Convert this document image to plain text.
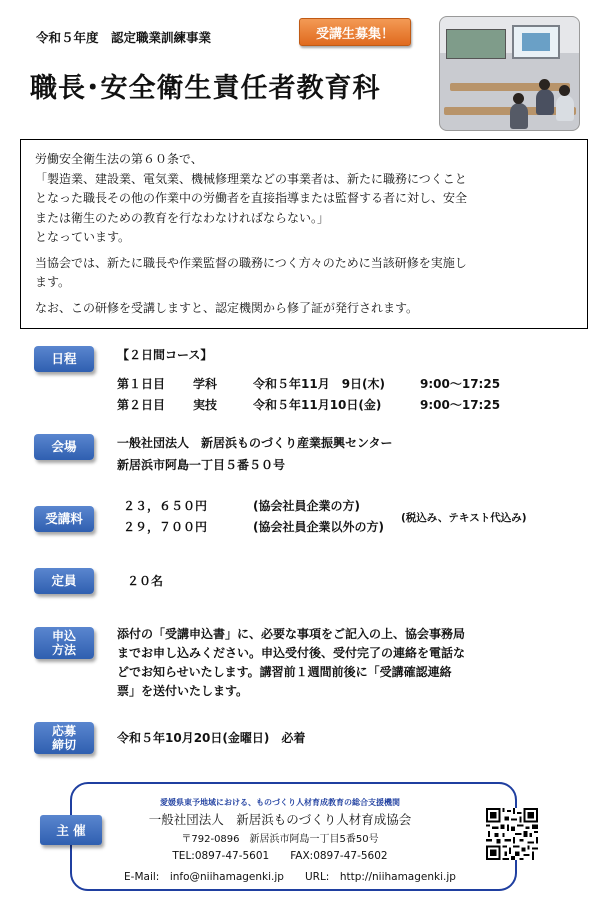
令和５年度　認定職業訓練事業	受講生募集！
職長･安全衛生責任者教育科

労働安全衛生法の第６０条で、

「製造業、建設業、電気業、機械修理業などの事業者は、新たに職務につくこと

となった職長その他の作業中の労働者を直接指導または監督する者に対し、安全

または衛生のための教育を行なわなければならない。」

となっています。

当協会では、新たに職長や作業監督の職務につく方々のために当該研修を実施し

ます。

なお、この研修を受講しますと、認定機関から修了証が発行されます。

日程	【２日間コース】
第１日目 学科	令和５年11月　9日(木)	9:00～17:25
第２日目 実技	令和５年11月10日(金)	9:00～17:25
会場	一般社団法人　新居浜ものづくり産業振興センター
新居浜市阿島一丁目５番５０号
受講料
２３，６５０円	(協会社員企業の方)
２９，７００円	(協会社員企業以外の方)
(税込み、テキスト代込み)
定員	２０名
申込
方法
添付の「受講申込書」に、必要な事項をご記入の上、協会事務局
までお申し込みください。申込受付後、受付完了の連絡を電話な
どでお知らせいたします。講習前１週間前後に「受講確認連絡
票」を送付いたします。
応募
締切	令和５年10月20日(金曜日)　必着
主 催
愛媛県東予地域における、ものづくり人材育成教育の総合支援機関
一般社団法人　新居浜ものづくり人材育成協会
〒792-0896　新居浜市阿島一丁目5番50号
TEL:0897-47-5601　　FAX:0897-47-5602
E-Mail:　info@niihamagenki.jp　　URL:　http://niihamagenki.jp
